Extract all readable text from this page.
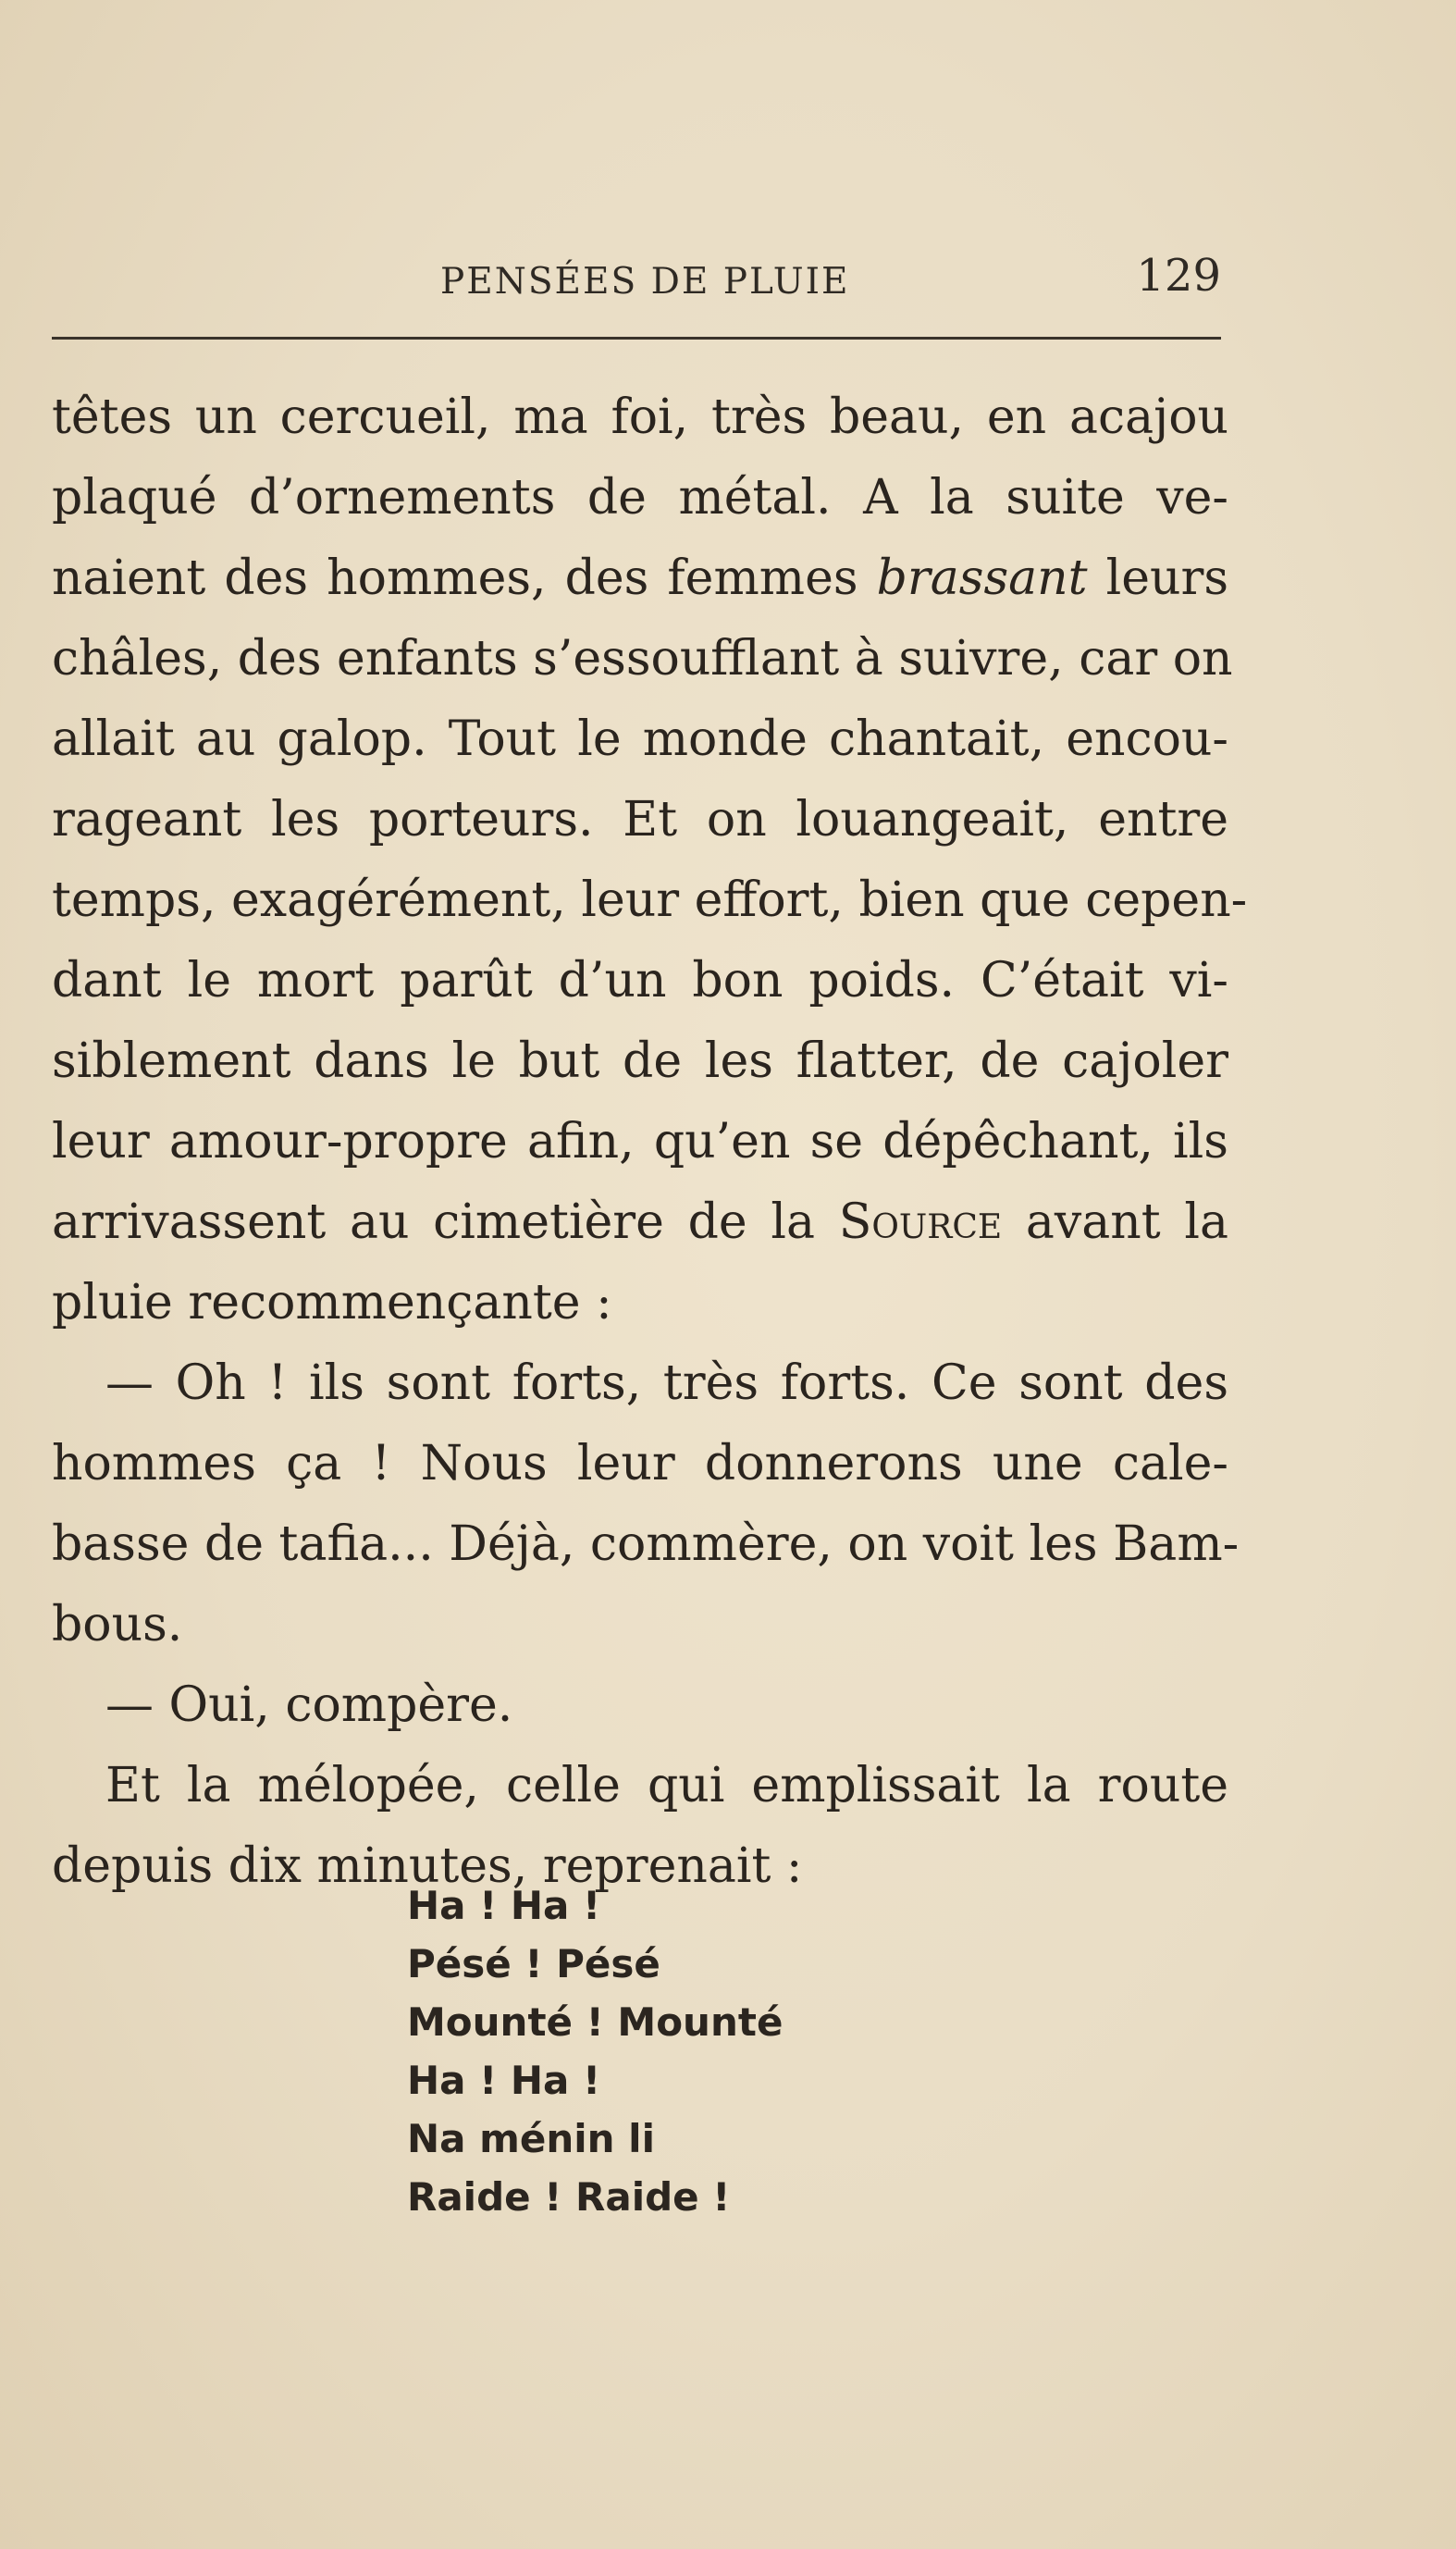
PENSÉES DE PLUIE	129
têtes un cercueil, ma foi, très beau, en acajou
plaqué d’ornements de métal. A la suite ve-
naient des hommes, des femmes brassant leurs
châles, des enfants s’essoufflant à suivre, car on
allait au galop. Tout le monde chantait, encou-
rageant les porteurs. Et on louangeait, entre
temps, exagérément, leur effort, bien que cepen-
dant le mort parût d’un bon poids. C’était vi-
siblement dans le but de les flatter, de cajoler
leur amour-propre afin, qu’en se dépêchant, ils
arrivassent au cimetière de la Source avant la
pluie recommençante :
— Oh ! ils sont forts, très forts. Ce sont des
hommes ça ! Nous leur donnerons une cale-
basse de tafia... Déjà, commère, on voit les Bam-
bous.
— Oui, compère.
Et la mélopée, celle qui emplissait la route
depuis dix minutes, reprenait :
Ha ! Ha !
Pésé ! Pésé
Mounté ! Mounté
Ha ! Ha !
Na ménin li
Raide ! Raide !
